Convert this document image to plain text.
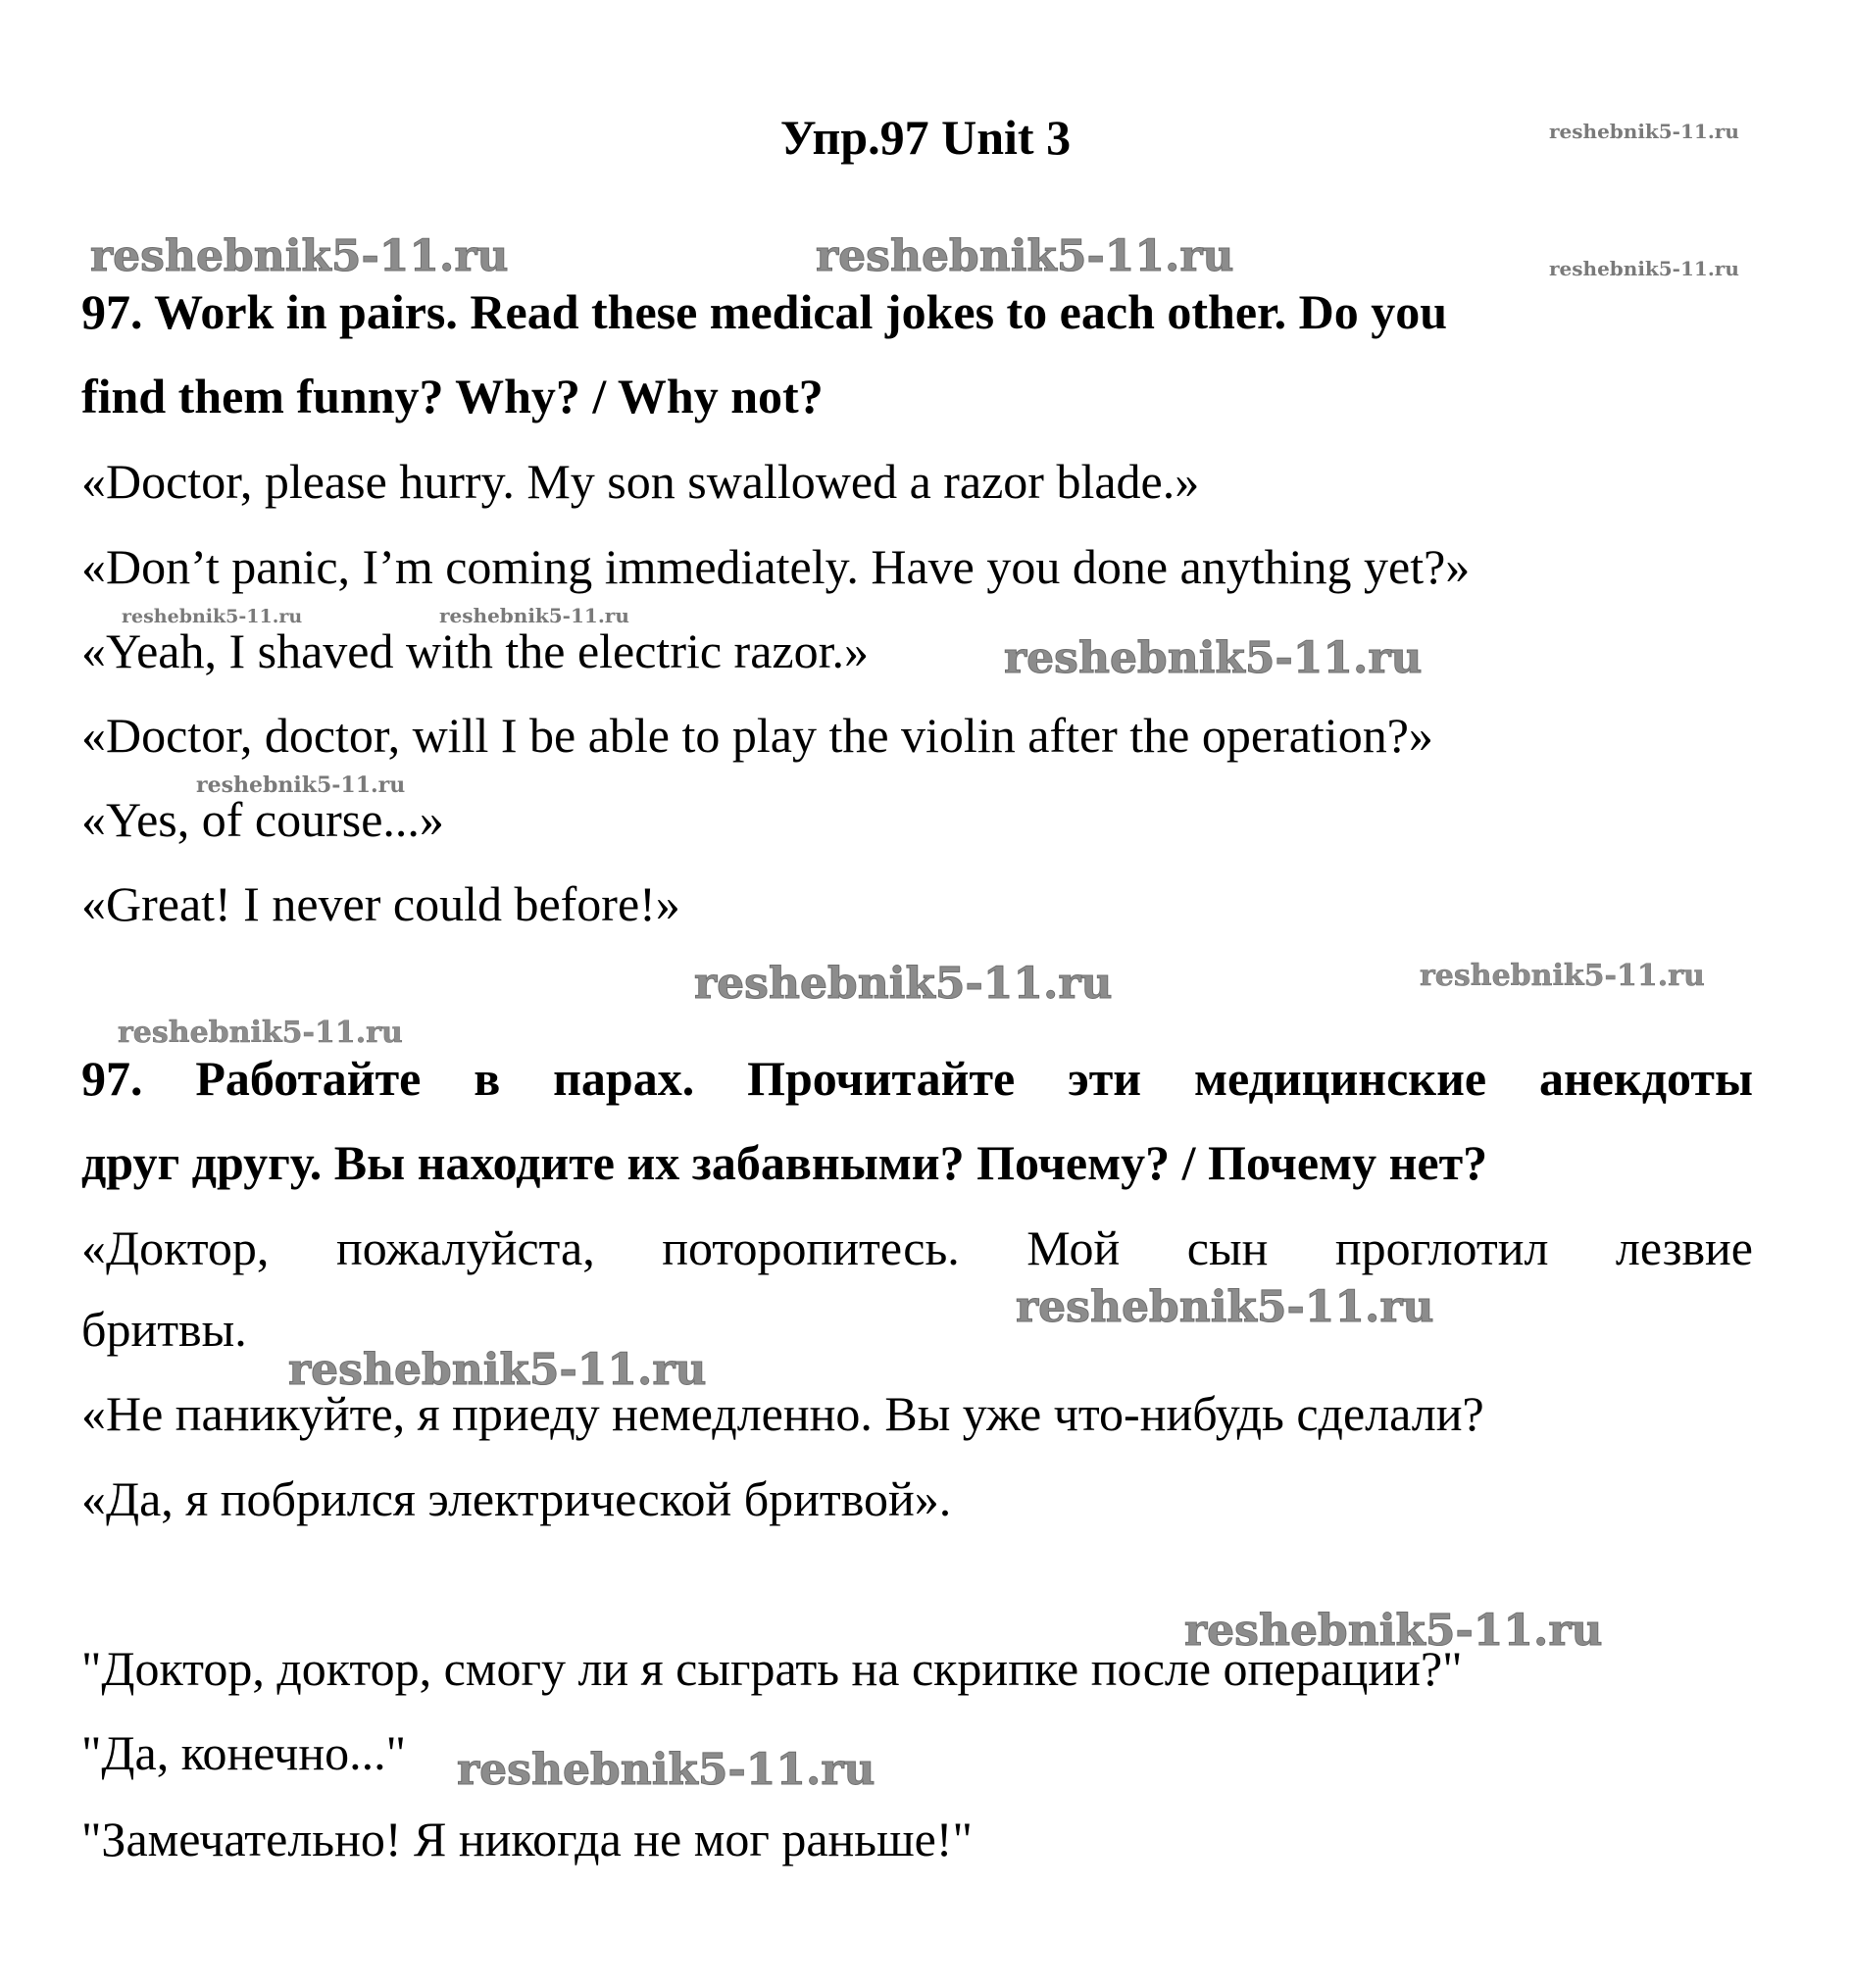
Упр.97 Unit 3	reshebnik5-11.ru
reshebnik5-11.ru	reshebnik5-11.ru	reshebnik5-11.ru
97. Work in pairs. Read these medical jokes to each other. Do you
find them funny? Why? / Why not?
«Doctor, please hurry. My son swallowed a razor blade.»
«Don’t panic, I’m coming immediately. Have you done anything yet?»
reshebnik5-11.ru	reshebnik5-11.ru
«Yeah, I shaved with the electric razor.»	reshebnik5-11.ru
«Doctor, doctor, will I be able to play the violin after the operation?»
reshebnik5-11.ru
«Yes, of course...»
«Great! I never could before!»
reshebnik5-11.ru	reshebnik5-11.ru
reshebnik5-11.ru
97. Работайте в парах. Прочитайте эти медицинские анекдоты
друг другу. Вы находите их забавными? Почему? / Почему нет?
«Доктор, пожалуйста, поторопитесь. Мой сын проглотил лезвие
reshebnik5-11.ru
бритвы.
reshebnik5-11.ru
«Не паникуйте, я приеду немедленно. Вы уже что-нибудь сделали?
«Да, я побрился электрической бритвой».
reshebnik5-11.ru
"Доктор, доктор, смогу ли я сыграть на скрипке после операции?"
"Да, конечно..." reshebnik5-11.ru
"Замечательно! Я никогда не мог раньше!"
